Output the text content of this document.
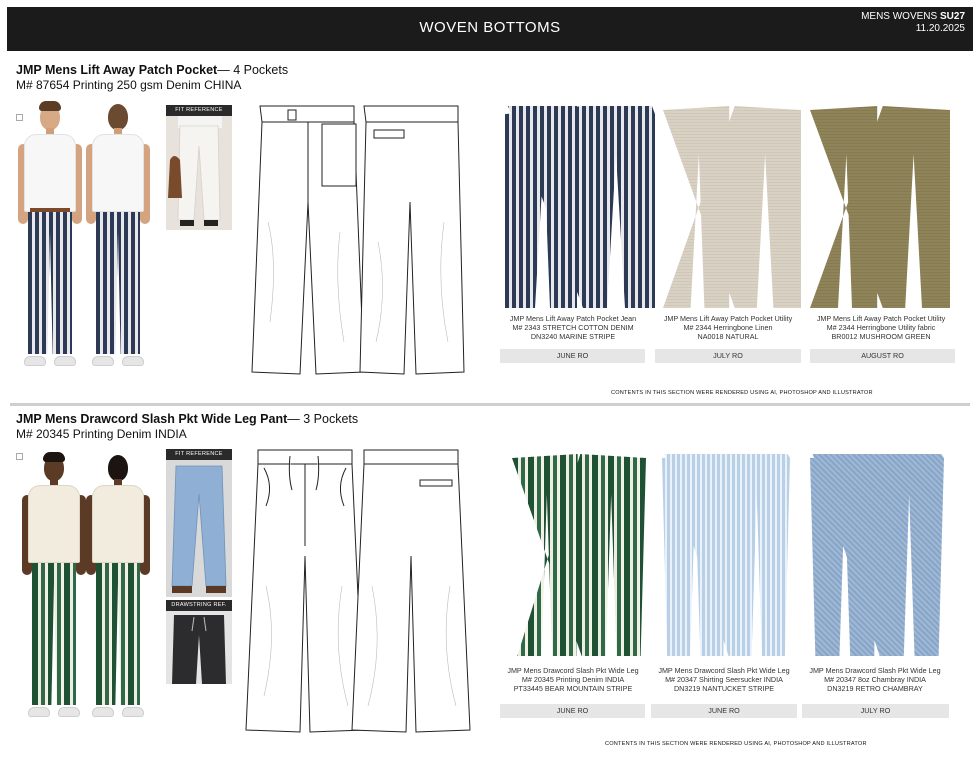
WOVEN BOTTOMS
MENS WOVENS SU27
11.20.2025
JMP Mens Lift Away Patch Pocket— 4 Pockets
M# 87654 Printing 250 gsm Denim CHINA
FIT REFERENCE
JMP Mens Lift Away Patch Pocket Jean
M# 2343 STRETCH COTTON DENIM
DN3240 MARINE STRIPE
JMP Mens Lift Away Patch Pocket Utility
M# 2344 Herringbone Linen
NA0018 NATURAL
JMP Mens Lift Away Patch Pocket Utility
M# 2344 Herringbone Utility fabric
BR0012 MUSHROOM GREEN
JUNE RO	JULY RO	AUGUST RO
CONTENTS IN THIS SECTION WERE RENDERED USING AI, PHOTOSHOP AND ILLUSTRATOR
JMP Mens Drawcord Slash Pkt Wide Leg Pant— 3 Pockets
M# 20345 Printing Denim INDIA
FIT REFERENCE
DRAWSTRING REF.
JMP Mens Drawcord Slash Pkt Wide Leg
M# 20345 Printing Denim INDIA
PT33445 BEAR MOUNTAIN STRIPE
JMP Mens Drawcord Slash Pkt Wide Leg
M# 20347 Shirting Seersucker INDIA
DN3219 NANTUCKET STRIPE
JMP Mens Drawcord Slash Pkt Wide Leg
M# 20347 8oz Chambray INDIA
DN3219 RETRO CHAMBRAY
JUNE RO	JUNE RO	JULY RO
CONTENTS IN THIS SECTION WERE RENDERED USING AI, PHOTOSHOP AND ILLUSTRATOR
